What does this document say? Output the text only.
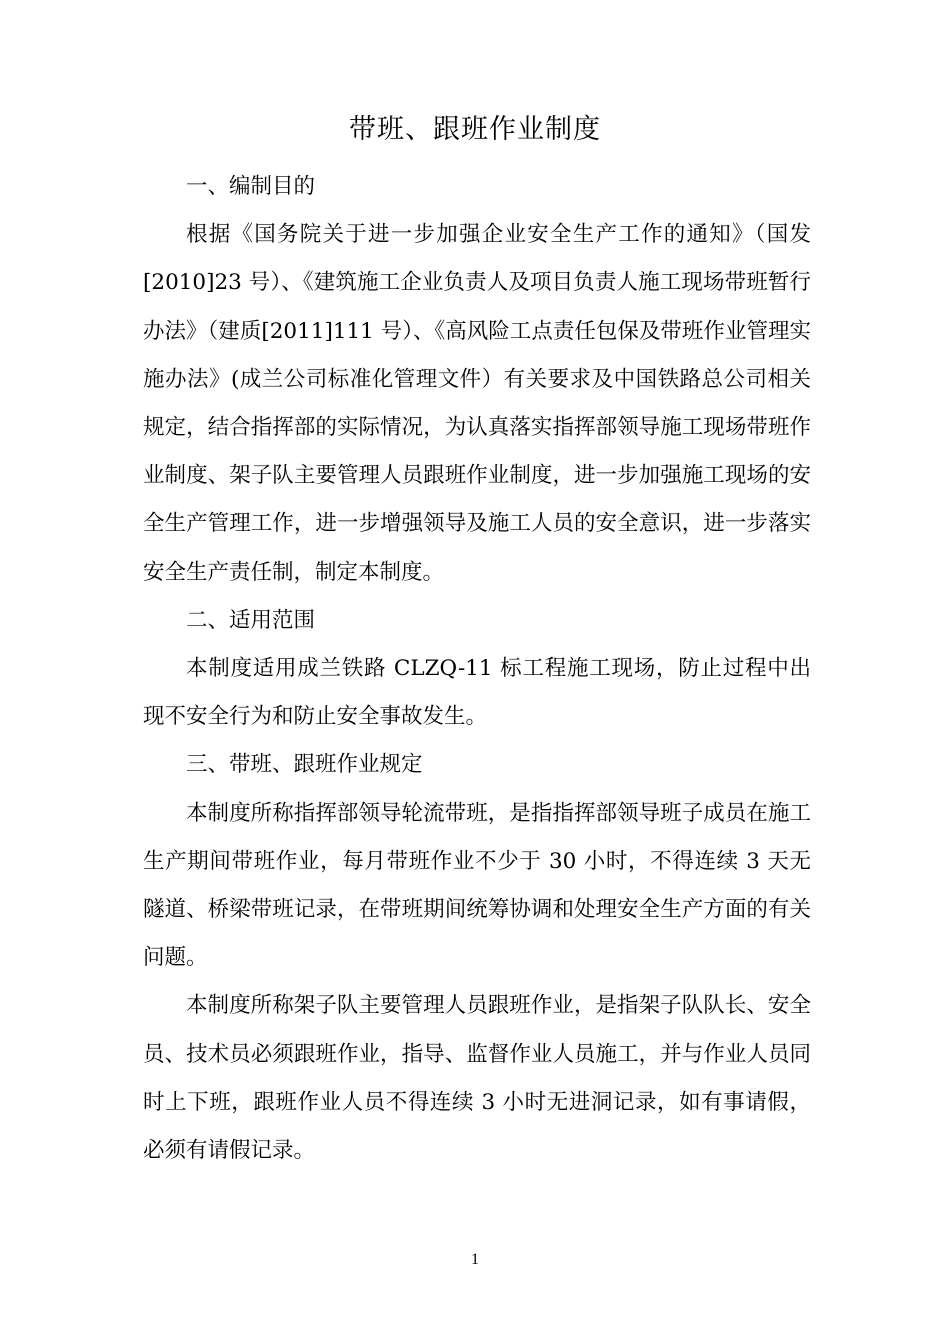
带班、跟班作业制度

一、编制目的

根据《国务院关于进一步加强企业安全生产工作的通知》（国发[2010]23 号）、《建筑施工企业负责人及项目负责人施工现场带班暂行办法》（建质[2011]111 号）、《高风险工点责任包保及带班作业管理实施办法》(成兰公司标准化管理文件）有关要求及中国铁路总公司相关规定，结合指挥部的实际情况，为认真落实指挥部领导施工现场带班作业制度、架子队主要管理人员跟班作业制度，进一步加强施工现场的安全生产管理工作，进一步增强领导及施工人员的安全意识，进一步落实安全生产责任制，制定本制度。

二、适用范围

本制度适用成兰铁路 CLZQ-11 标工程施工现场，防止过程中出现不安全行为和防止安全事故发生。

三、带班、跟班作业规定

本制度所称指挥部领导轮流带班，是指指挥部领导班子成员在施工生产期间带班作业，每月带班作业不少于 30 小时，不得连续 3 天无隧道、桥梁带班记录，在带班期间统筹协调和处理安全生产方面的有关问题。

本制度所称架子队主要管理人员跟班作业，是指架子队队长、安全员、技术员必须跟班作业，指导、监督作业人员施工，并与作业人员同时上下班，跟班作业人员不得连续 3 小时无进洞记录，如有事请假，必须有请假记录。

1
